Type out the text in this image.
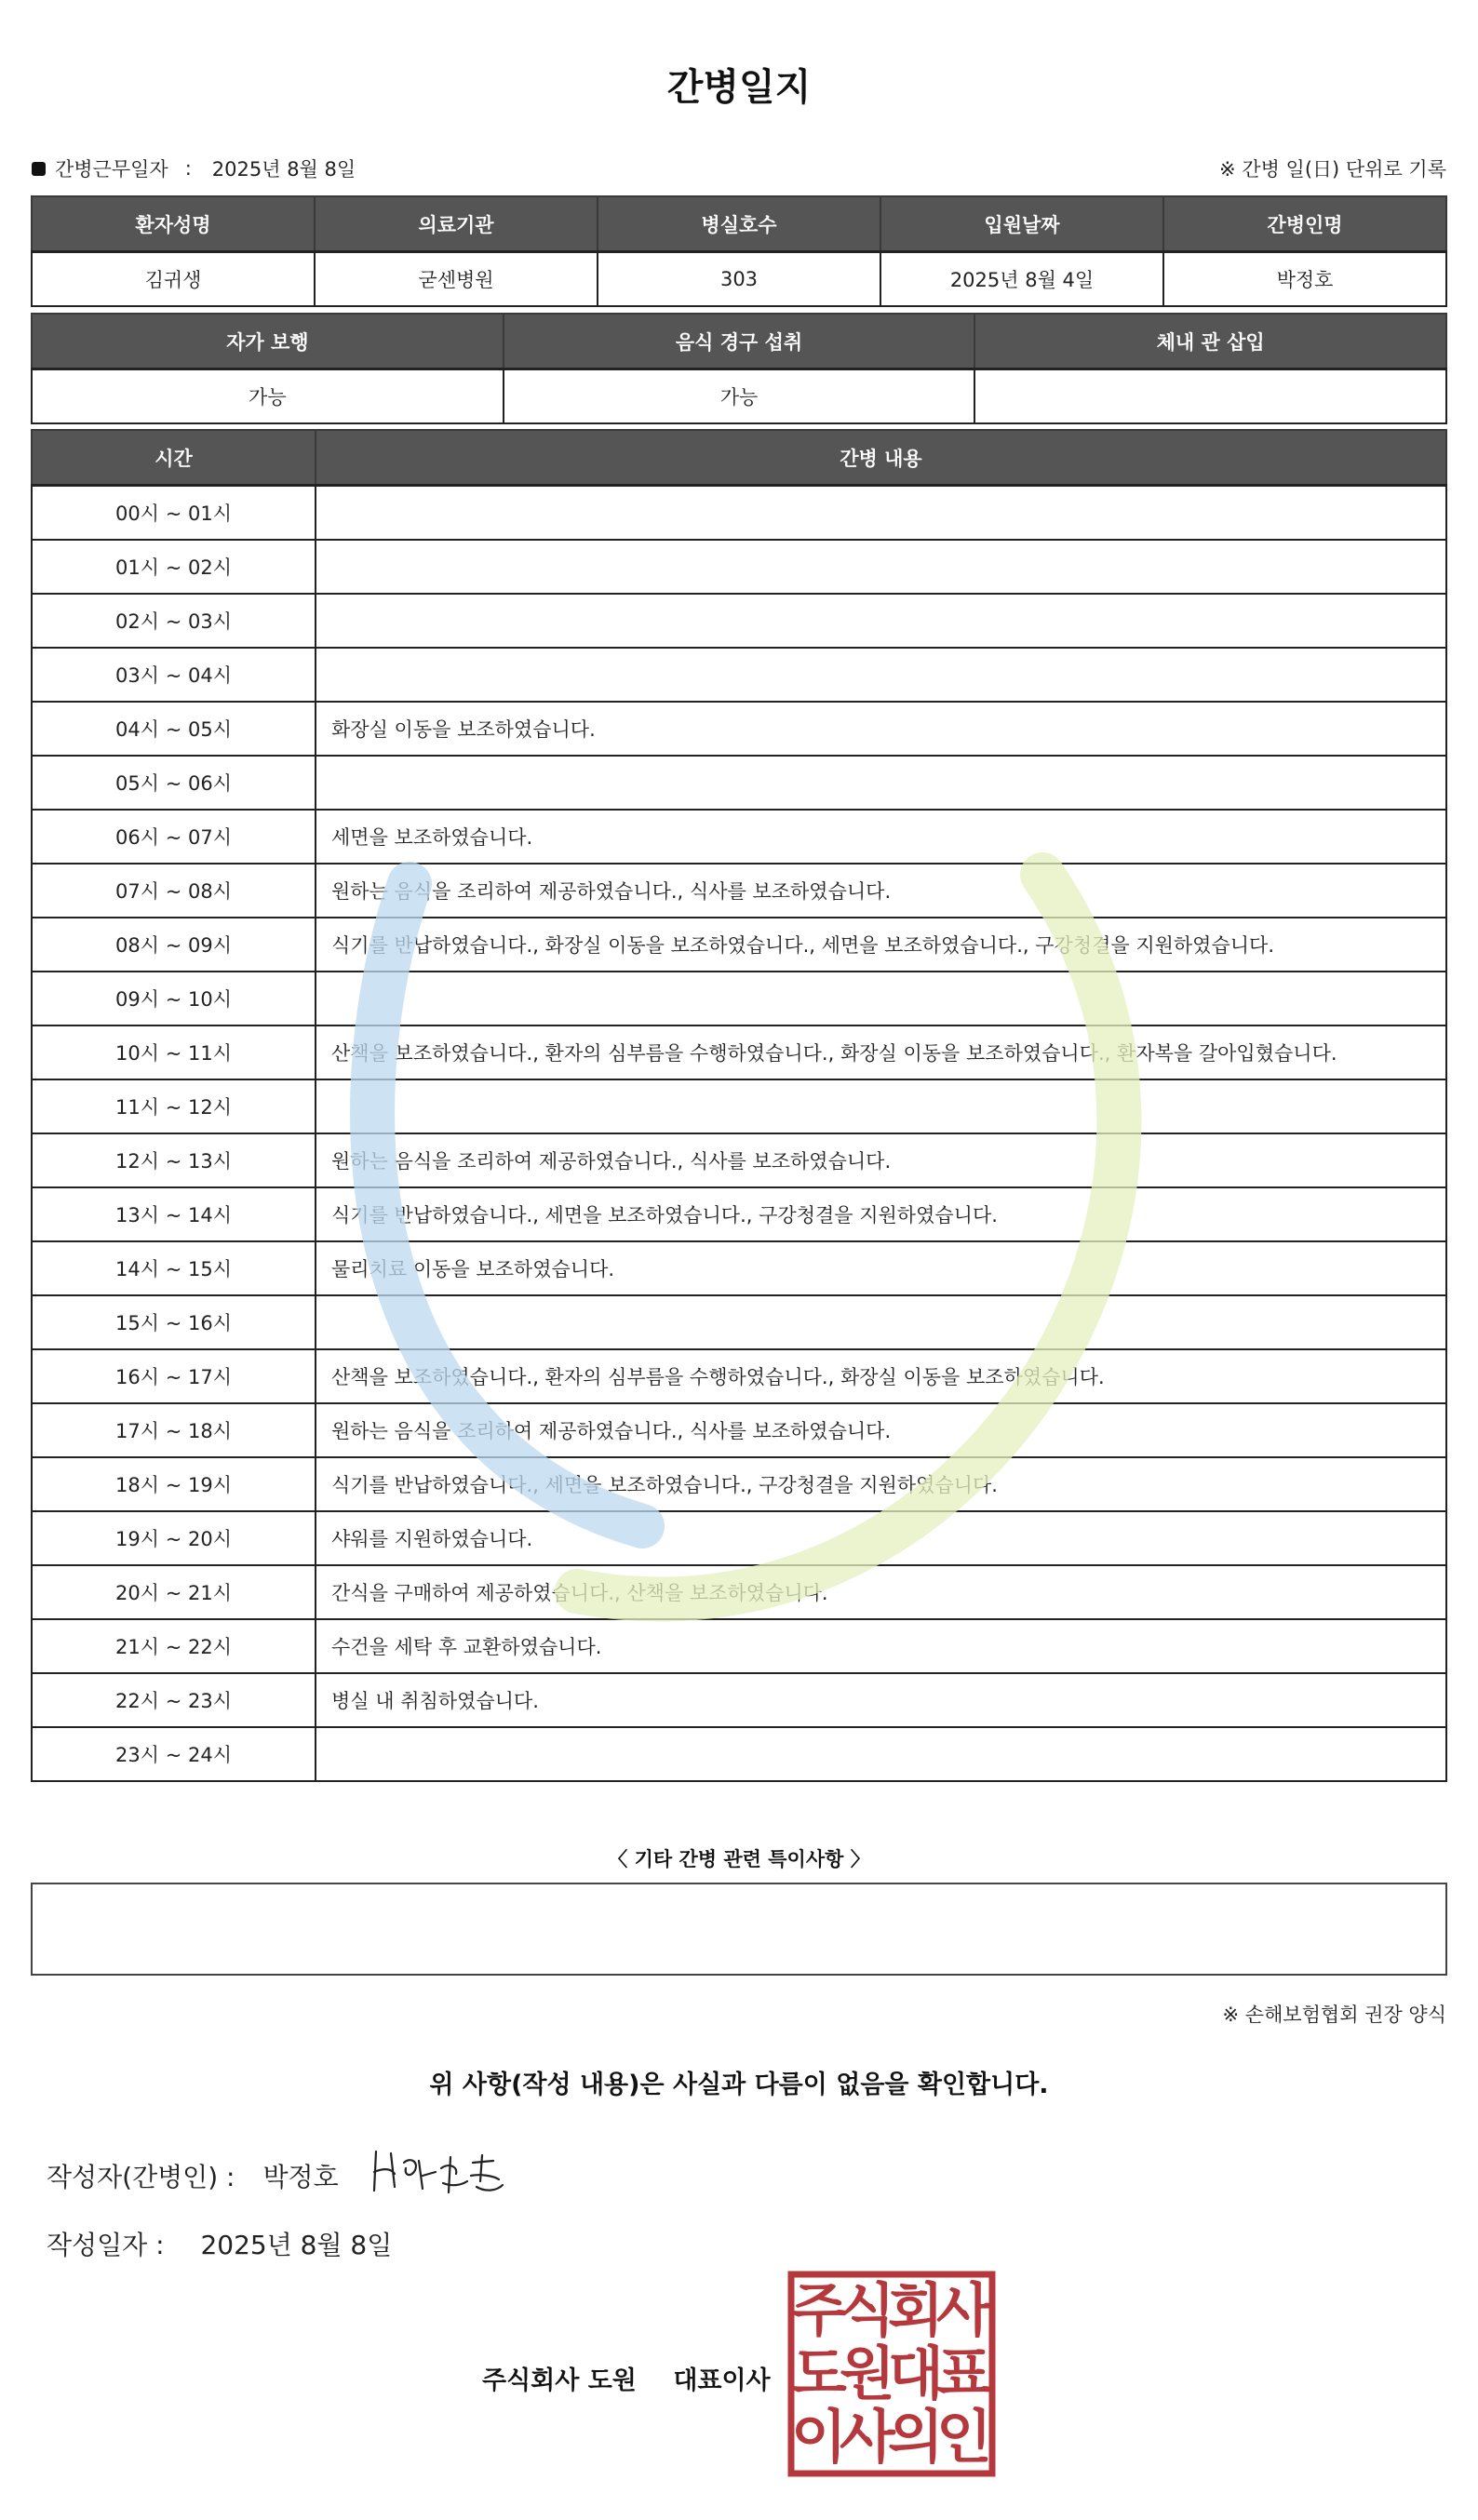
간병일지
간병근무일자 : 2025년 8월 8일	※ 간병 일(日) 단위로 기록
환자성명	의료기관	병실호수	입원날짜	간병인명
김귀생	굳센병원	303	2025년 8월 4일	박정호
자가 보행	음식 경구 섭취	체내 관 삽입
가능	가능	
시간	간병 내용
00시 ~ 01시	
01시 ~ 02시	
02시 ~ 03시	
03시 ~ 04시	
04시 ~ 05시	화장실 이동을 보조하였습니다.
05시 ~ 06시	
06시 ~ 07시	세면을 보조하였습니다.
07시 ~ 08시	원하는 음식을 조리하여 제공하였습니다., 식사를 보조하였습니다.
08시 ~ 09시	식기를 반납하였습니다., 화장실 이동을 보조하였습니다., 세면을 보조하였습니다., 구강청결을 지원하였습니다.
09시 ~ 10시	
10시 ~ 11시	산책을 보조하였습니다., 환자의 심부름을 수행하였습니다., 화장실 이동을 보조하였습니다., 환자복을 갈아입혔습니다.
11시 ~ 12시	
12시 ~ 13시	원하는 음식을 조리하여 제공하였습니다., 식사를 보조하였습니다.
13시 ~ 14시	식기를 반납하였습니다., 세면을 보조하였습니다., 구강청결을 지원하였습니다.
14시 ~ 15시	물리치료 이동을 보조하였습니다.
15시 ~ 16시	
16시 ~ 17시	산책을 보조하였습니다., 환자의 심부름을 수행하였습니다., 화장실 이동을 보조하였습니다.
17시 ~ 18시	원하는 음식을 조리하여 제공하였습니다., 식사를 보조하였습니다.
18시 ~ 19시	식기를 반납하였습니다., 세면을 보조하였습니다., 구강청결을 지원하였습니다.
19시 ~ 20시	샤워를 지원하였습니다.
20시 ~ 21시	간식을 구매하여 제공하였습니다., 산책을 보조하였습니다.
21시 ~ 22시	수건을 세탁 후 교환하였습니다.
22시 ~ 23시	병실 내 취침하였습니다.
23시 ~ 24시	
〈 기타 간병 관련 특이사항 〉
※ 손해보험협회 권장 양식
위 사항(작성 내용)은 사실과 다름이 없음을 확인합니다.
작성자(간병인) : 박정호
작성일자 : 2025년 8월 8일
주식회사 도원 대표이사
주
식
회
사
도
원
대
표
이
사
의
인
